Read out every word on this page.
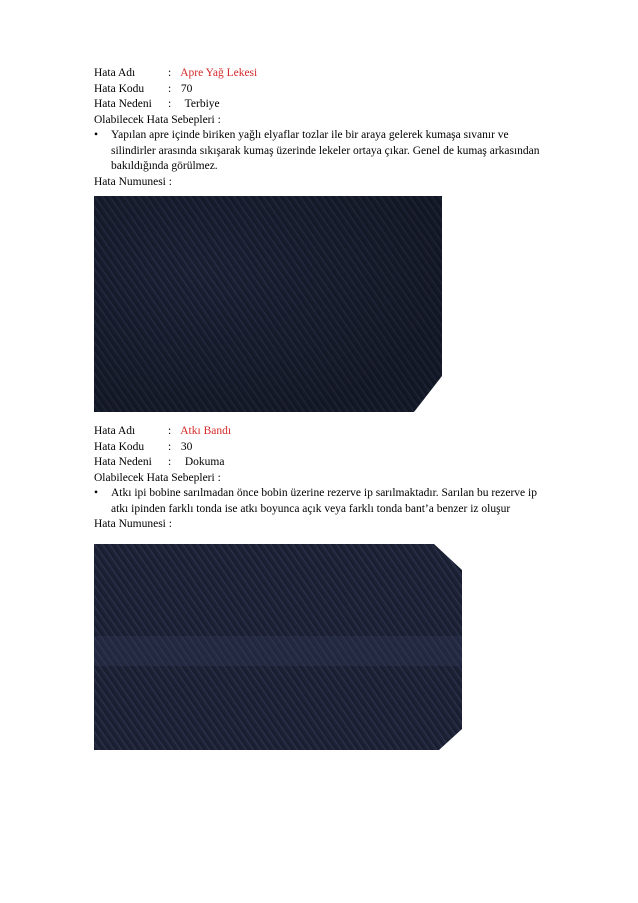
Hata Adı	: Apre Yağ Lekesi
Hata Kodu : 70
Hata Nedeni : Terbiye
Olabilecek Hata Sebepleri :
• Yapılan apre içinde biriken yağlı elyaflar tozlar ile bir araya gelerek kumaşa sıvanır ve silindirler arasında sıkışarak kumaş üzerinde lekeler ortaya çıkar. Genel de kumaş arkasından bakıldığında görülmez.
Hata Numunesi :
Hata Adı	: Atkı Bandı
Hata Kodu : 30
Hata Nedeni : Dokuma
Olabilecek Hata Sebepleri :
• Atkı ipi bobine sarılmadan önce bobin üzerine rezerve ip sarılmaktadır. Sarılan bu rezerve ip atkı ipinden farklı tonda ise atkı boyunca açık veya farklı tonda bant’a benzer iz oluşur
Hata Numunesi :
